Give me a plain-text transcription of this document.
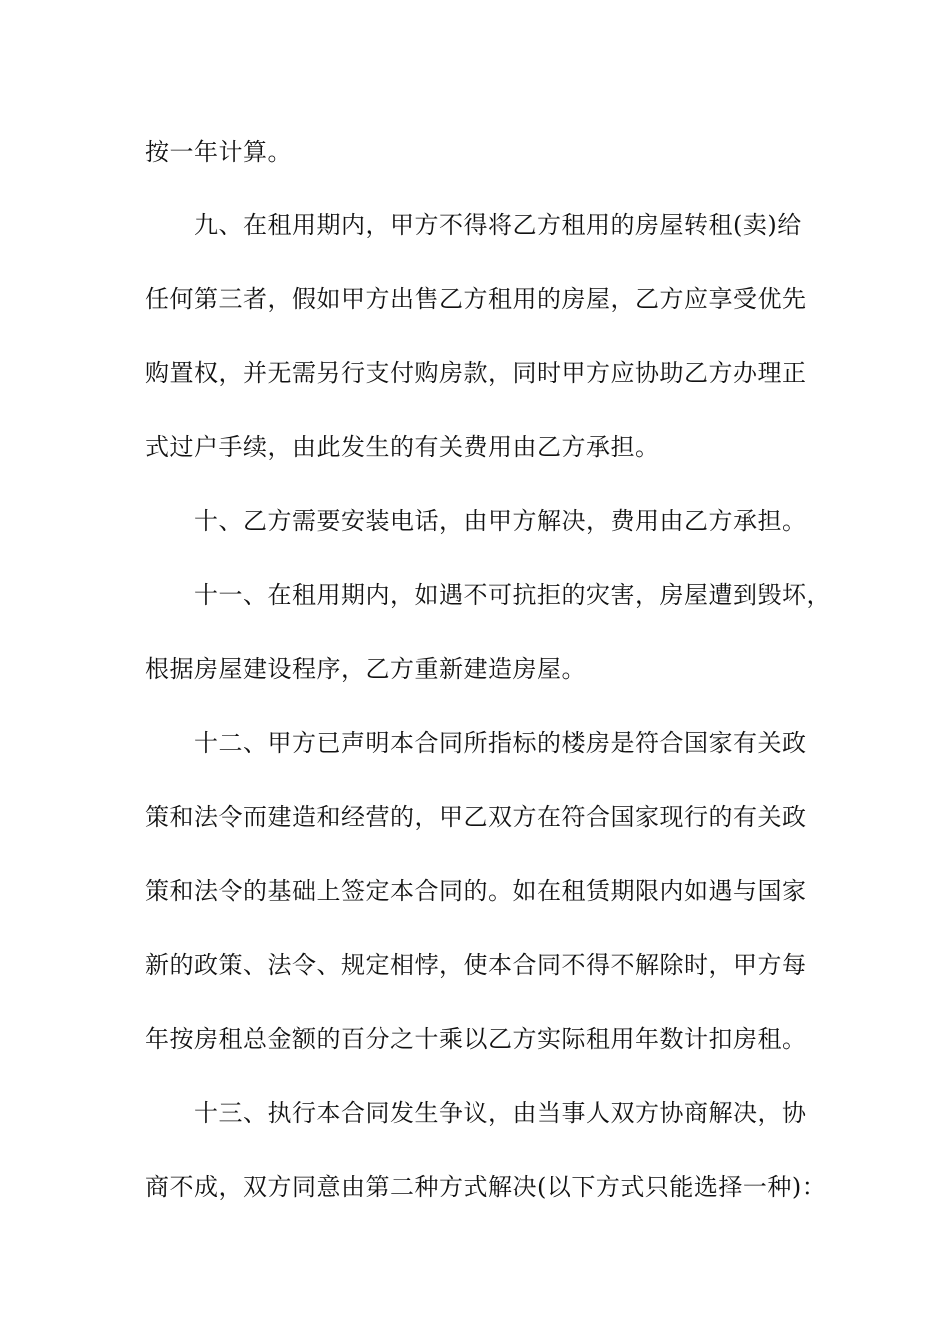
按一年计算。
九、在租用期内，甲方不得将乙方租用的房屋转租(卖)给
任何第三者，假如甲方出售乙方租用的房屋，乙方应享受优先
购置权，并无需另行支付购房款，同时甲方应协助乙方办理正
式过户手续，由此发生的有关费用由乙方承担。
十、乙方需要安装电话，由甲方解决，费用由乙方承担。
十一、在租用期内，如遇不可抗拒的灾害，房屋遭到毁坏，
根据房屋建设程序，乙方重新建造房屋。
十二、甲方已声明本合同所指标的楼房是符合国家有关政
策和法令而建造和经营的，甲乙双方在符合国家现行的有关政
策和法令的基础上签定本合同的。如在租赁期限内如遇与国家
新的政策、法令、规定相悖，使本合同不得不解除时，甲方每
年按房租总金额的百分之十乘以乙方实际租用年数计扣房租。
十三、执行本合同发生争议，由当事人双方协商解决，协
商不成，双方同意由第二种方式解决(以下方式只能选择一种)：
